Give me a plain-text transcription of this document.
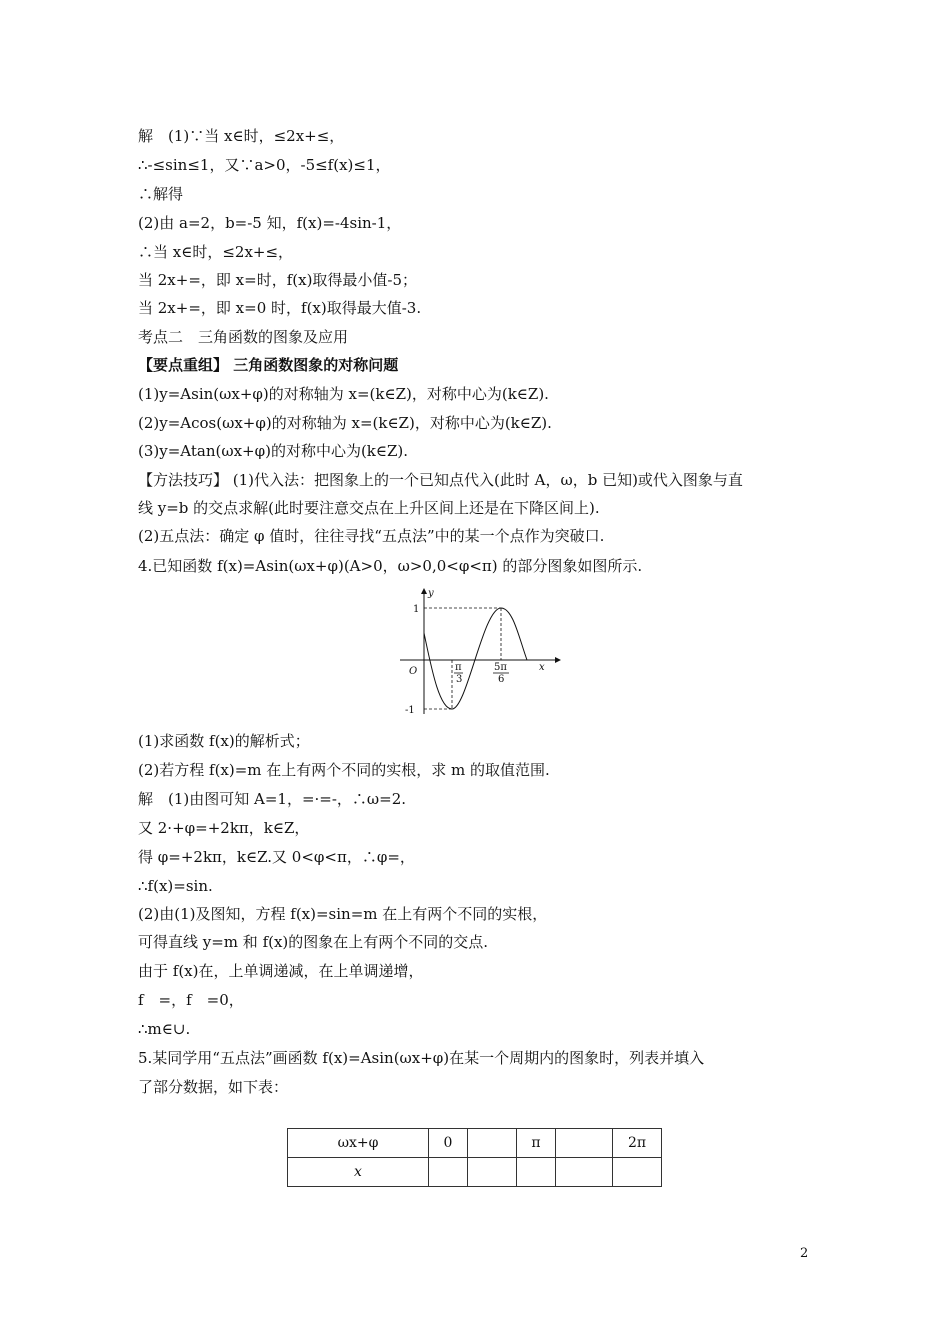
解　(1)∵当 x∈时，≤2x+≤，
∴-≤sin≤1，又∵a>0，-5≤f(x)≤1，
∴解得
(2)由 a=2，b=-5 知，f(x)=-4sin-1，
∴当 x∈时，≤2x+≤，
当 2x+=，即 x=时，f(x)取得最小值-5；
当 2x+=，即 x=0 时，f(x)取得最大值-3.
考点二　三角函数的图象及应用
【要点重组】 三角函数图象的对称问题
(1)y=Asin(ωx+φ)的对称轴为 x=(k∈Z)，对称中心为(k∈Z).
(2)y=Acos(ωx+φ)的对称轴为 x=(k∈Z)，对称中心为(k∈Z).
(3)y=Atan(ωx+φ)的对称中心为(k∈Z).
【方法技巧】 (1)代入法：把图象上的一个已知点代入(此时 A，ω，b 已知)或代入图象与直
线 y=b 的交点求解(此时要注意交点在上升区间上还是在下降区间上).
(2)五点法：确定 φ 值时，往往寻找“五点法”中的某一个点作为突破口.
4.已知函数 f(x)=Asin(ωx+φ)(A>0，ω>0,0<φ<π) 的部分图象如图所示.
y
x
O
1
-1
π
3
5π
6
(1)求函数 f(x)的解析式；
(2)若方程 f(x)=m 在上有两个不同的实根，求 m 的取值范围.
解　(1)由图可知 A=1，=·=-，∴ω=2.
又 2·+φ=+2kπ，k∈Z，
得 φ=+2kπ，k∈Z.又 0<φ<π，∴φ=，
∴f(x)=sin.
(2)由(1)及图知，方程 f(x)=sin=m 在上有两个不同的实根，
可得直线 y=m 和 f(x)的图象在上有两个不同的交点.
由于 f(x)在，上单调递减，在上单调递增，
f　=，f　=0，
∴m∈∪.
5.某同学用“五点法”画函数 f(x)=Asin(ωx+φ)在某一个周期内的图象时，列表并填入
了部分数据，如下表：
ωx+φ	0		π		2π
x					
2
